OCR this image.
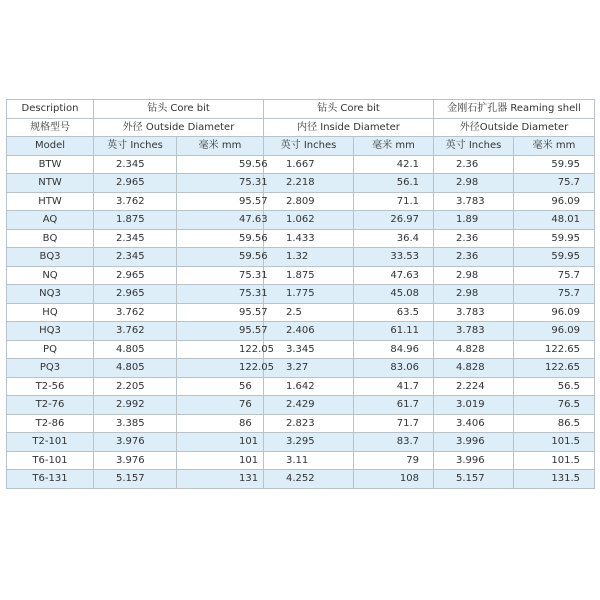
Description	钻头 Core bit		钻头 Core bit		金刚石扩孔器 Reaming shell	
规格型号	外径 Outside Diameter		内径 Inside Diameter		外径Outside Diameter	
Model	英寸 Inches	毫米 mm	英寸 Inches	毫米 mm	英寸 Inches	毫米 mm
BTW	2.345	59.56	1.667	42.1	2.36	59.95
NTW	2.965	75.31	2.218	56.1	2.98	75.7
HTW	3.762	95.57	2.809	71.1	3.783	96.09
AQ	1.875	47.63	1.062	26.97	1.89	48.01
BQ	2.345	59.56	1.433	36.4	2.36	59.95
BQ3	2.345	59.56	1.32	33.53	2.36	59.95
NQ	2.965	75.31	1.875	47.63	2.98	75.7
NQ3	2.965	75.31	1.775	45.08	2.98	75.7
HQ	3.762	95.57	2.5	63.5	3.783	96.09
HQ3	3.762	95.57	2.406	61.11	3.783	96.09
PQ	4.805	122.05	3.345	84.96	4.828	122.65
PQ3	4.805	122.05	3.27	83.06	4.828	122.65
T2-56	2.205	56	1.642	41.7	2.224	56.5
T2-76	2.992	76	2.429	61.7	3.019	76.5
T2-86	3.385	86	2.823	71.7	3.406	86.5
T2-101	3.976	101	3.295	83.7	3.996	101.5
T6-101	3.976	101	3.11	79	3.996	101.5
T6-131	5.157	131	4.252	108	5.157	131.5
